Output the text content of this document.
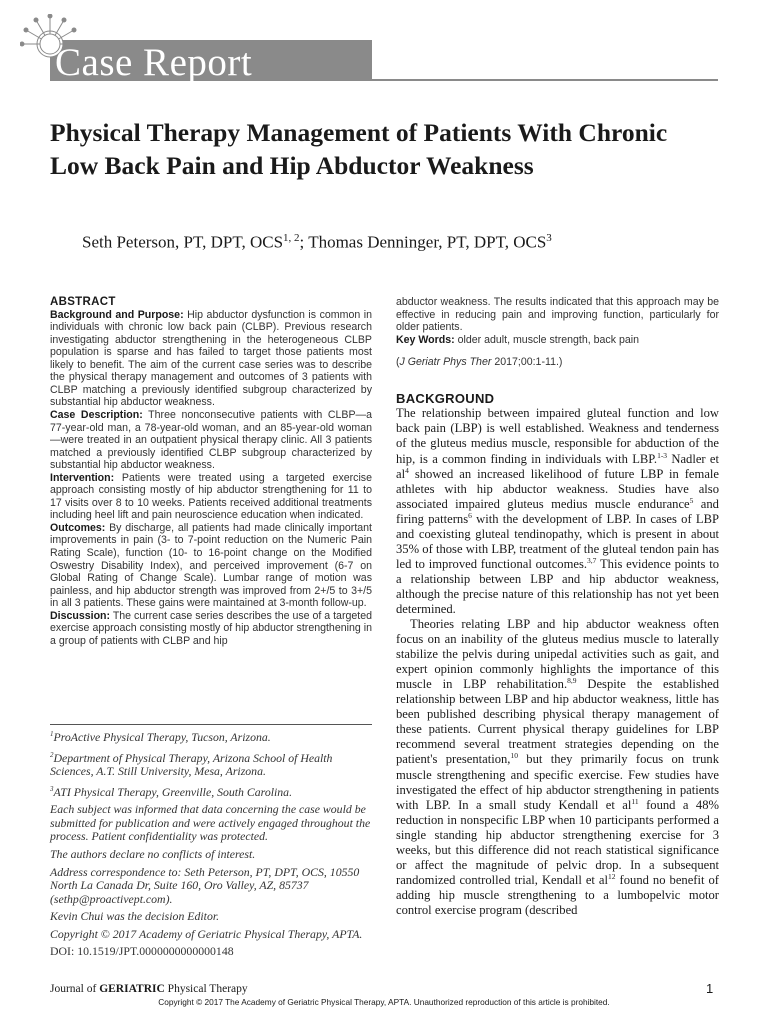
Case Report
Physical Therapy Management of Patients With Chronic Low Back Pain and Hip Abductor Weakness
Seth Peterson, PT, DPT, OCS$^{1, 2}$; Thomas Denninger, PT, DPT, OCS$^3$
ABSTRACT

Background and Purpose: Hip abductor dysfunction is common in individuals with chronic low back pain (CLBP). Previous research investigating abductor strengthening in the heterogeneous CLBP population is sparse and has failed to target those patients most likely to benefit. The aim of the current case series was to describe the physical therapy management and outcomes of 3 patients with CLBP matching a previously identified subgroup characterized by substantial hip abductor weakness.

Case Description: Three nonconsecutive patients with CLBP—a 77-year-old man, a 78-year-old woman, and an 85-year-old woman—were treated in an outpatient physical therapy clinic. All 3 patients matched a previously identified CLBP subgroup characterized by substantial hip abductor weakness.

Intervention: Patients were treated using a targeted exercise approach consisting mostly of hip abductor strengthening for 11 to 17 visits over 8 to 10 weeks. Patients received additional treatments including heel lift and pain neuroscience education when indicated.

Outcomes: By discharge, all patients had made clinically important improvements in pain (3- to 7-point reduction on the Numeric Pain Rating Scale), function (10- to 16-point change on the Modified Oswestry Disability Index), and perceived improvement (6-7 on Global Rating of Change Scale). Lumbar range of motion was painless, and hip abductor strength was improved from 2+/5 to 3+/5 in all 3 patients. These gains were maintained at 3-month follow-up.

Discussion: The current case series describes the use of a targeted exercise approach consisting mostly of hip abductor strengthening in a group of patients with CLBP and hip

$^1$ProActive Physical Therapy, Tucson, Arizona.

$^2$Department of Physical Therapy, Arizona School of Health Sciences, A.T. Still University, Mesa, Arizona.

$^3$ATI Physical Therapy, Greenville, South Carolina.

Each subject was informed that data concerning the case would be submitted for publication and were actively engaged throughout the process. Patient confidentiality was protected.

The authors declare no conflicts of interest.

Address correspondence to: Seth Peterson, PT, DPT, OCS, 10550 North La Canada Dr, Suite 160, Oro Valley, AZ, 85737 (sethp@proactivept.com).

Kevin Chui was the decision Editor.

Copyright © 2017 Academy of Geriatric Physical Therapy, APTA.

DOI: 10.1519/JPT.0000000000000148

abductor weakness. The results indicated that this approach may be effective in reducing pain and improving function, particularly for older patients.

Key Words: older adult, muscle strength, back pain

(J Geriatr Phys Ther 2017;00:1-11.)

BACKGROUND

The relationship between impaired gluteal function and low back pain (LBP) is well established. Weakness and tenderness of the gluteus medius muscle, responsible for abduction of the hip, is a common finding in individuals with LBP.$^{1-3}$ Nadler et $al^4$ showed an increased likelihood of future LBP in female athletes with hip abductor weakness. Studies have also associated impaired gluteus medius muscle endurance$^5$ and firing patterns$^6$ with the development of LBP. In cases of LBP and coexisting gluteal tendinopathy, which is present in about 35% of those with LBP, treatment of the gluteal tendon pain has led to improved functional outcomes.$^{3,7}$ This evidence points to a relationship between LBP and hip abductor weakness, although the precise nature of this relationship has not yet been determined.

Theories relating LBP and hip abductor weakness often focus on an inability of the gluteus medius muscle to laterally stabilize the pelvis during unipedal activities such as gait, and expert opinion commonly highlights the importance of this muscle in LBP rehabilitation.$^{8,9}$ Despite the established relationship between LBP and hip abductor weakness, little has been published describing physical therapy management of these patients. Current physical therapy guidelines for LBP recommend several treatment strategies depending on the patient's presentation,$^{10}$ but they primarily focus on trunk muscle strengthening and specific exercise. Few studies have investigated the effect of hip abductor strengthening in patients with LBP. In a small study Kendall et $al^{11}$ found a 48% reduction in nonspecific LBP when 10 participants performed a single standing hip abductor strengthening exercise for 3 weeks, but this difference did not reach statistical significance or affect the magnitude of pelvic drop. In a subsequent randomized controlled trial, Kendall et $al^{12}$ found no benefit of adding hip muscle strengthening to a lumbopelvic motor control exercise program (described

Journal of GERIATRIC Physical Therapy	1
Copyright © 2017 The Academy of Geriatric Physical Therapy, APTA. Unauthorized reproduction of this article is prohibited.
